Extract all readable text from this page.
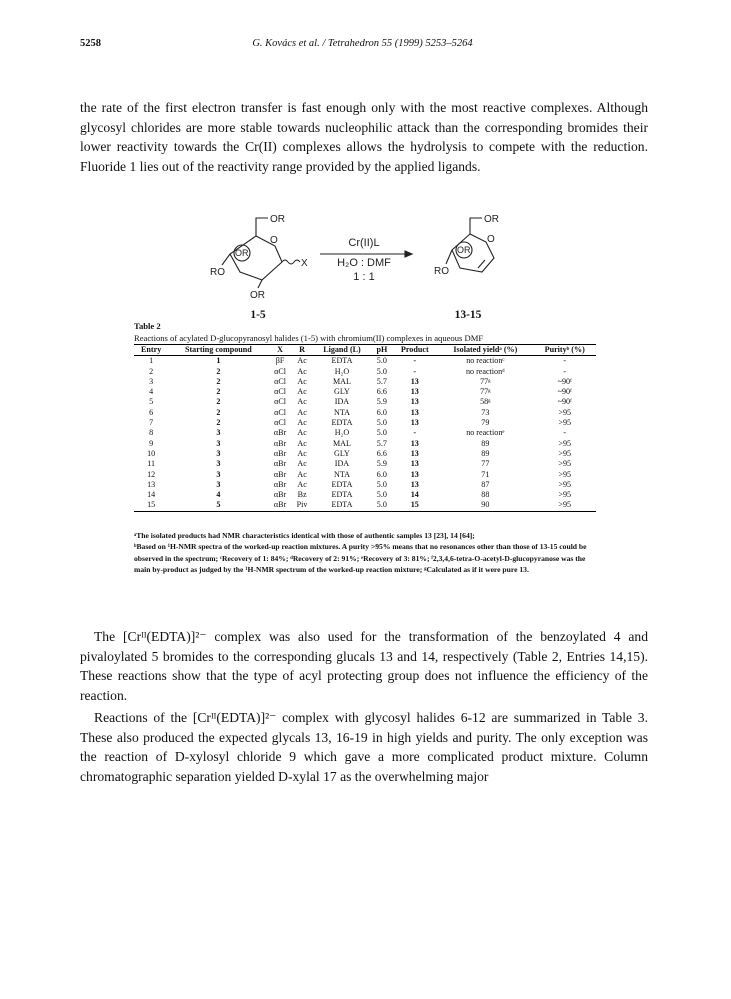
5258	G. Kovács et al. / Tetrahedron 55 (1999) 5253–5264

the rate of the first electron transfer is fast enough only with the most reactive complexes. Although glycosyl chlorides are more stable towards nucleophilic attack than the corresponding bromides their lower reactivity towards the Cr(II) complexes allows the hydrolysis to compete with the reduction. Fluoride 1 lies out of the reactivity range provided by the applied ligands.

OR
O
X
OR
RO
OR
Cr(II)L
H₂O : DMF
1 : 1
OR
O
OR
RO
1-5	13-15
Table 2
Reactions of acylated D-glucopyranosyl halides (1-5) with chromium(II) complexes in aqueous DMF
Entry	Starting compound	X	R	Ligand (L)	pH	Product	Isolated yieldᵃ (%)	Purityᵇ (%)
1	1	βF	Ac	EDTA	5.0	-	no reactionᶜ	-
2	2	αCl	Ac	H₂O	5.0	-	no reactionᵈ	-
3	2	αCl	Ac	MAL	5.7	13	77ᵍ	~90ᶠ
4	2	αCl	Ac	GLY	6.6	13	77ᵍ	~90ᶠ
5	2	αCl	Ac	IDA	5.9	13	58ᵍ	~90ᶠ
6	2	αCl	Ac	NTA	6.0	13	73	>95
7	2	αCl	Ac	EDTA	5.0	13	79	>95
8	3	αBr	Ac	H₂O	5.0	-	no reactionᵉ	-
9	3	αBr	Ac	MAL	5.7	13	89	>95
10	3	αBr	Ac	GLY	6.6	13	89	>95
11	3	αBr	Ac	IDA	5.9	13	77	>95
12	3	αBr	Ac	NTA	6.0	13	71	>95
13	3	αBr	Ac	EDTA	5.0	13	87	>95
14	4	αBr	Bz	EDTA	5.0	14	88	>95
15	5	αBr	Piv	EDTA	5.0	15	90	>95

ᵃThe isolated products had NMR characteristics identical with those of authentic samples 13 [23], 14 [64];

ᵇBased on ¹H-NMR spectra of the worked-up reaction mixtures. A purity >95% means that no resonances other than those of 13-15 could be observed in the spectrum; ᶜRecovery of 1: 84%; ᵈRecovery of 2: 91%; ᵉRecovery of 3: 81%; ᶠ2,3,4,6-tetra-O-acetyl-D-glucopyranose was the main by-product as judged by the ¹H-NMR spectrum of the worked-up reaction mixture; ᵍCalculated as if it were pure 13.

The [Crᴵᴵ(EDTA)]²⁻ complex was also used for the transformation of the benzoylated 4 and pivaloylated 5 bromides to the corresponding glucals 13 and 14, respectively (Table 2, Entries 14,15). These reactions show that the type of acyl protecting group does not influence the efficiency of the reaction.

Reactions of the [Crᴵᴵ(EDTA)]²⁻ complex with glycosyl halides 6-12 are summarized in Table 3. These also produced the expected glycals 13, 16-19 in high yields and purity. The only exception was the reaction of D-xylosyl chloride 9 which gave a more complicated product mixture. Column chromatographic separation yielded D-xylal 17 as the overwhelming major
